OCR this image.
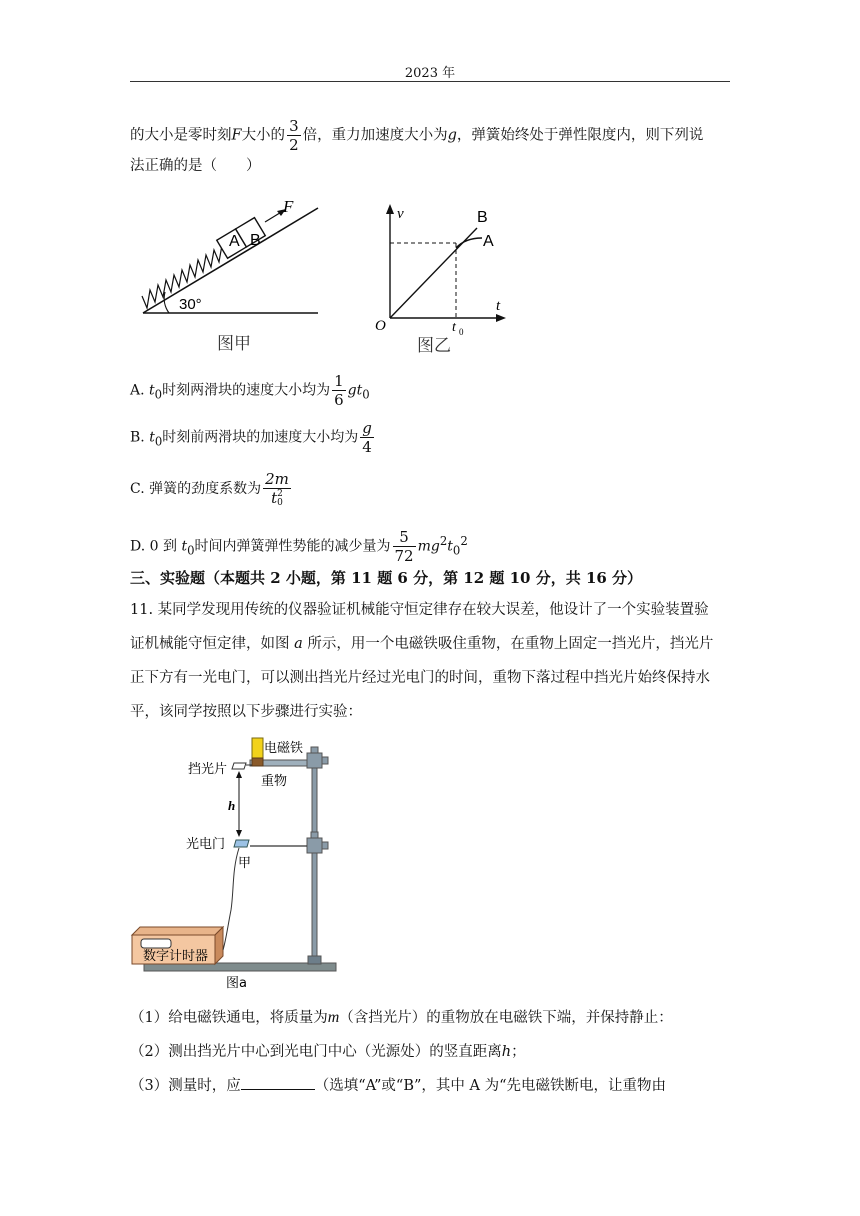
2023 年
的大小是零时刻F大小的 $\frac{3}{2}$ 倍，重力加速度大小为g，弹簧始终处于弹性限度内，则下列说
法正确的是（　　）
30°
A B
F
图甲
v
t
O	t 0
B
A
图乙
A. $t_0$时刻两滑块的速度大小均为 $\frac{1}{6} gt_0$
B. $t_0$时刻前两滑块的加速度大小均为 $\frac{g}{4}$
C. 弹簧的劲度系数为 2m
t 2
0
D. 0 到 $t_0$时间内弹簧弹性势能的减少量为 $\frac{5}{72} mg^2t_0^2$
三、实验题（本题共 2 小题，第 11 题 6 分，第 12 题 10 分，共 16 分）
11. 某同学发现用传统的仪器验证机械能守恒定律存在较大误差，他设计了一个实验装置验
证机械能守恒定律，如图 a 所示，用一个电磁铁吸住重物，在重物上固定一挡光片，挡光片
正下方有一光电门，可以测出挡光片经过光电门的时间，重物下落过程中挡光片始终保持水
平，该同学按照以下步骤进行实验：
电磁铁
重物
挡光片
h
光电门
甲
数字计时器
图a
（1）给电磁铁通电，将质量为m（含挡光片）的重物放在电磁铁下端，并保持静止：
（2）测出挡光片中心到光电门中心（光源处）的竖直距离h；
（3）测量时，应	（选填“A”或“B”，其中 A 为“先电磁铁断电，让重物由
